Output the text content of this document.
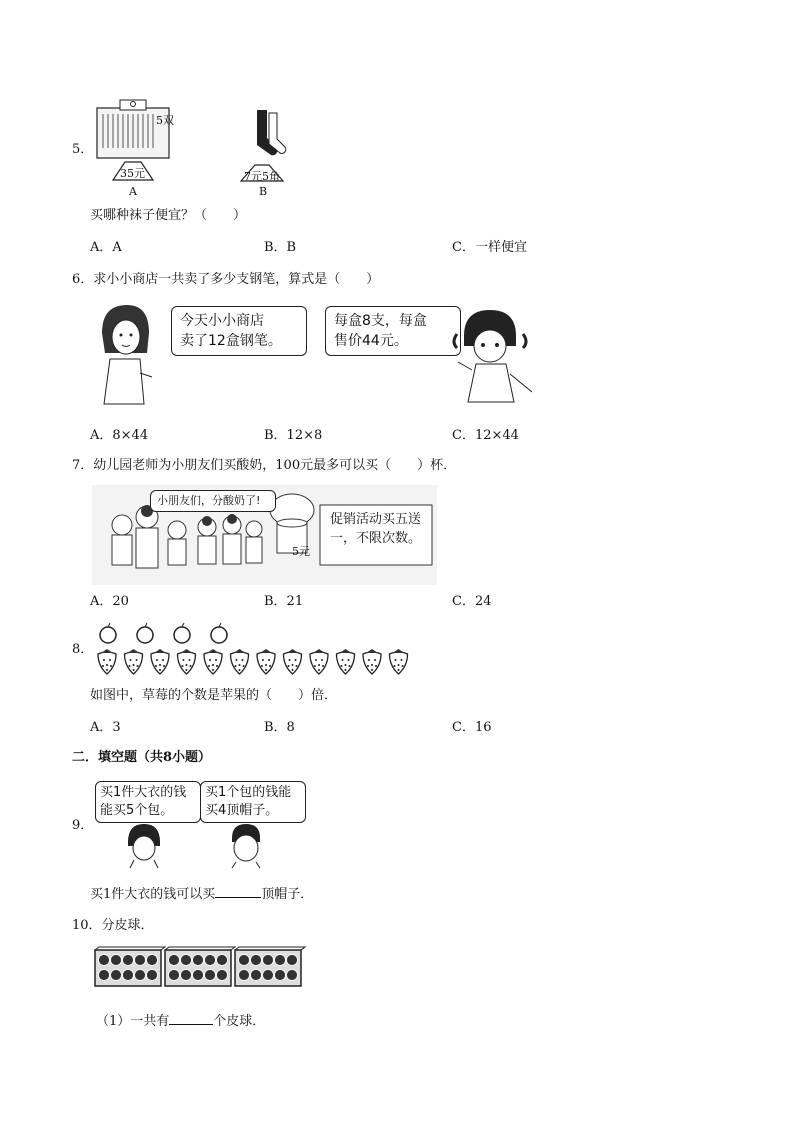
5．
5双
35元
A
7元5角
B
买哪种袜子便宜？（　　）
A．A	B．B	C．一样便宜
6．求小小商店一共卖了多少支钢笔，算式是（　　）
今天小小商店
卖了12盒钢笔。
每盒8支，每盒
售价44元。
A．8×44	B．12×8	C．12×44
7．幼儿园老师为小朋友们买酸奶，100元最多可以买（　　）杯．
小朋友们，分酸奶了!
5元
促销活动买五送
一，不限次数。
A．20	B．21	C．24
8．
如图中，草莓的个数是苹果的（　　）倍．
A．3	B．8	C．16
二．填空题（共8小题）
9．
买1件大衣的钱
能买5个包。
买1个包的钱能
买4顶帽子。
买1件大衣的钱可以买	顶帽子．
10．分皮球．
（1）一共有	个皮球．
